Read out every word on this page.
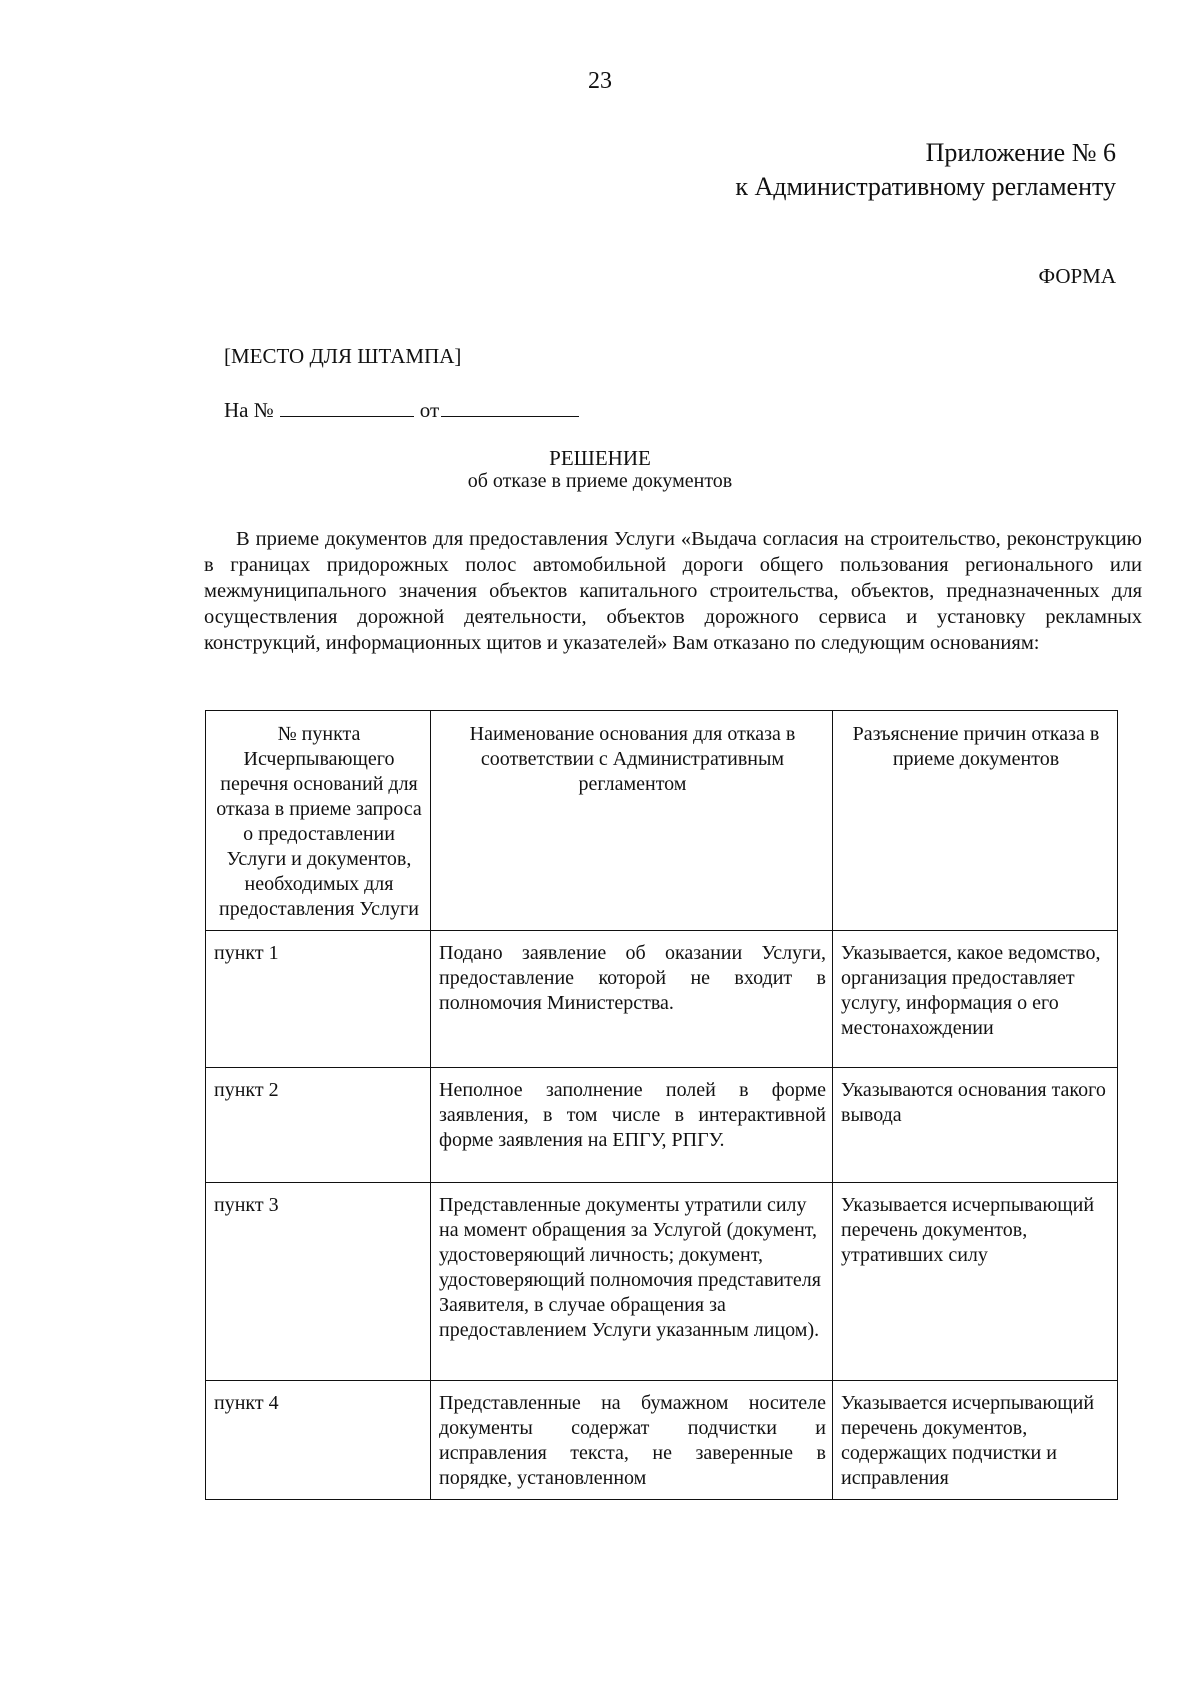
23
Приложение № 6
к Административному регламенту
ФОРМА
[МЕСТО ДЛЯ ШТАМПА]
На №	от
РЕШЕНИЕ
об отказе в приеме документов

В приеме документов для предоставления Услуги «Выдача согласия на строительство, реконструкцию в границах придорожных полос автомобильной дороги общего пользования регионального или межмуниципального значения объектов капитального строительства, объектов, предназначенных для осуществления дорожной деятельности, объектов дорожного сервиса и установку рекламных конструкций, информационных щитов и указателей» Вам отказано по следующим основаниям:

№ пункта Исчерпывающего перечня оснований для отказа в приеме запроса о предоставлении Услуги и документов, необходимых для предоставления Услуги	Наименование основания для отказа в соответствии с Административным регламентом	Разъяснение причин отказа в приеме документов
пункт 1	Подано заявление об оказании Услуги, предоставление которой не входит в полномочия Министерства.	Указывается, какое ведомство, организация предоставляет услугу, информация о его местонахождении
пункт 2	Неполное заполнение полей в форме заявления, в том числе в интерактивной форме заявления на ЕПГУ, РПГУ.	Указываются основания такого вывода
пункт 3	Представленные документы утратили силу на момент обращения за Услугой (документ, удостоверяющий личность; документ, удостоверяющий полномочия представителя Заявителя, в случае обращения за предоставлением Услуги указанным лицом).	Указывается исчерпывающий перечень документов, утративших силу
пункт 4	Представленные на бумажном носителе документы содержат подчистки и исправления текста, не заверенные в порядке, установленном	Указывается исчерпывающий перечень документов, содержащих подчистки и исправления
